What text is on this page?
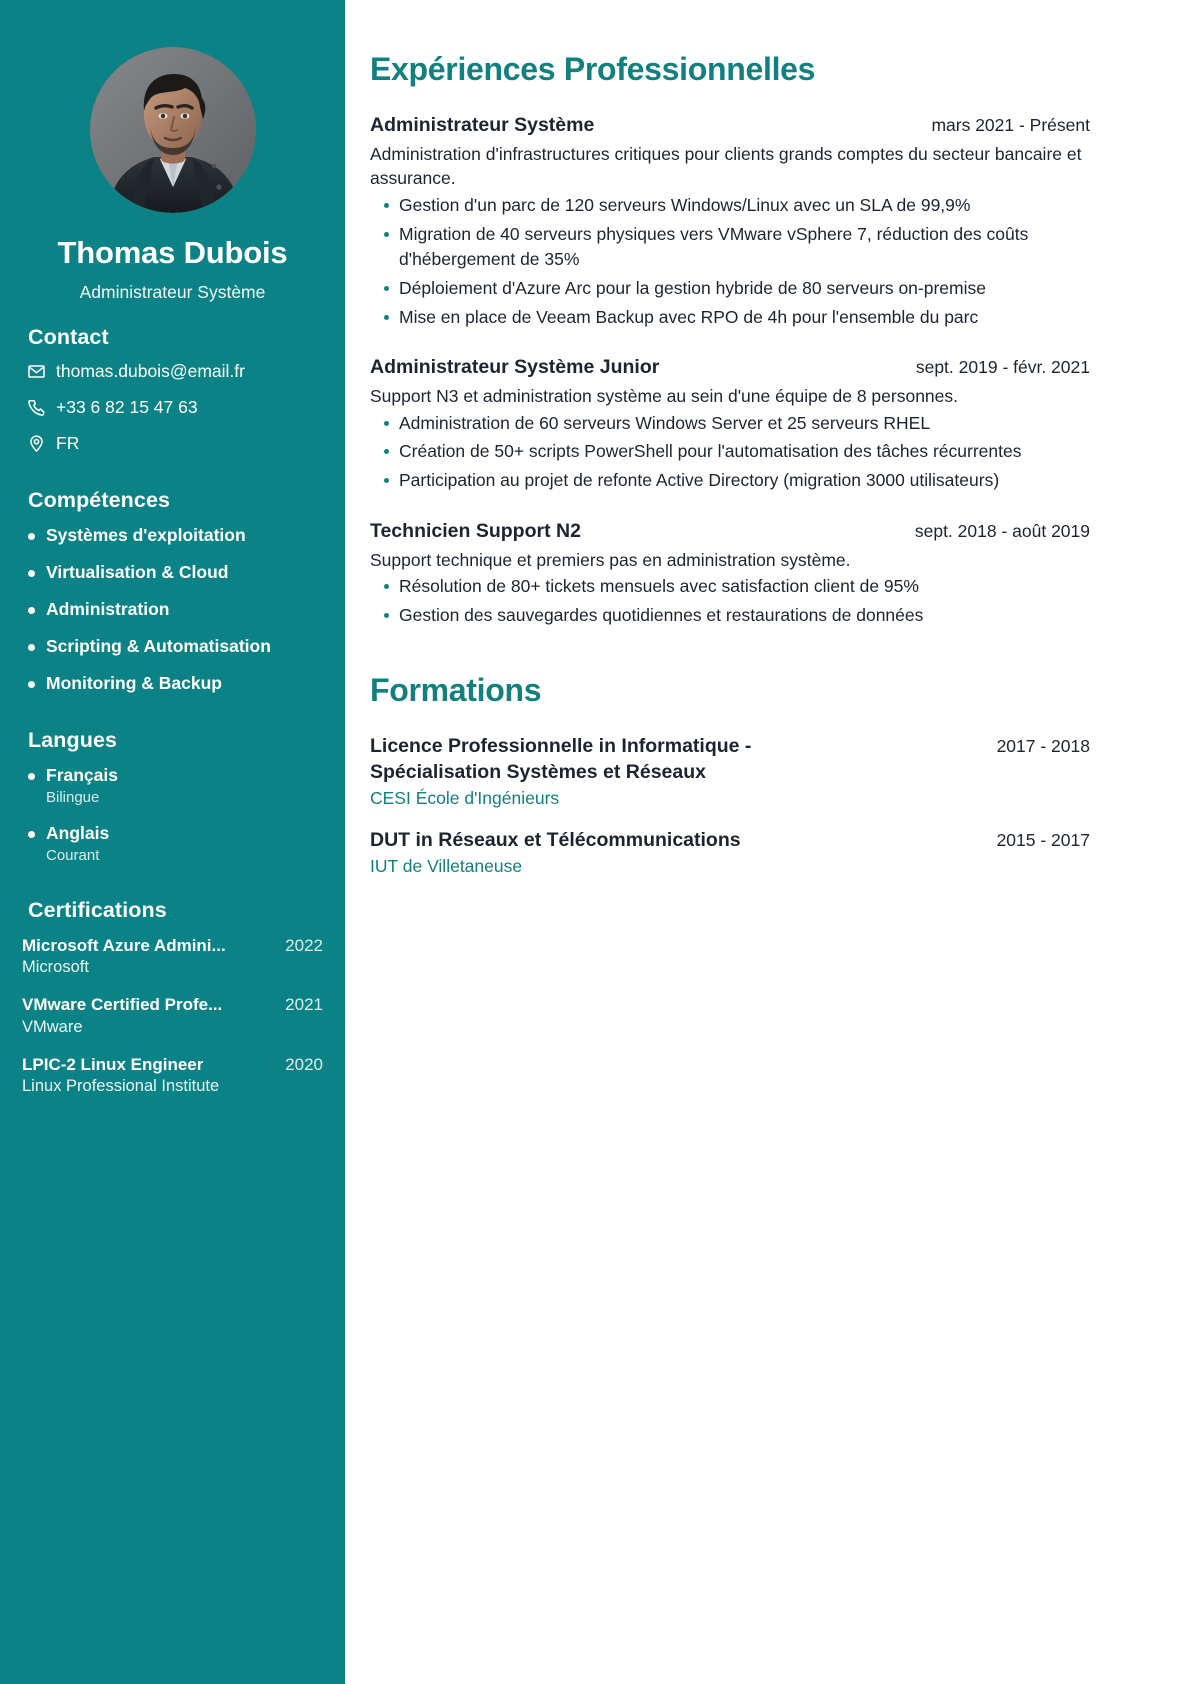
Thomas Dubois
Administrateur Système
Contact
thomas.dubois@email.fr
+33 6 82 15 47 63
FR
Compétences
Systèmes d'exploitation
Virtualisation & Cloud
Administration
Scripting & Automatisation
Monitoring & Backup
Langues
Français
Bilingue
Anglais
Courant
Certifications
Microsoft Azure Admini...	2022
Microsoft
VMware Certified Profe...	2021
VMware
LPIC-2 Linux Engineer	2020
Linux Professional Institute
Expériences Professionnelles
Administrateur Système	mars 2021 - Présent
Administration d'infrastructures critiques pour clients grands comptes du secteur bancaire et assurance.
Gestion d'un parc de 120 serveurs Windows/Linux avec un SLA de 99,9%
Migration de 40 serveurs physiques vers VMware vSphere 7, réduction des coûts d'hébergement de 35%
Déploiement d'Azure Arc pour la gestion hybride de 80 serveurs on-premise
Mise en place de Veeam Backup avec RPO de 4h pour l'ensemble du parc
Administrateur Système Junior	sept. 2019 - févr. 2021
Support N3 et administration système au sein d'une équipe de 8 personnes.
Administration de 60 serveurs Windows Server et 25 serveurs RHEL
Création de 50+ scripts PowerShell pour l'automatisation des tâches récurrentes
Participation au projet de refonte Active Directory (migration 3000 utilisateurs)
Technicien Support N2	sept. 2018 - août 2019
Support technique et premiers pas en administration système.
Résolution de 80+ tickets mensuels avec satisfaction client de 95%
Gestion des sauvegardes quotidiennes et restaurations de données
Formations
Licence Professionnelle in Informatique - Spécialisation Systèmes et Réseaux
2017 - 2018
CESI École d'Ingénieurs
DUT in Réseaux et Télécommunications	2015 - 2017
IUT de Villetaneuse
